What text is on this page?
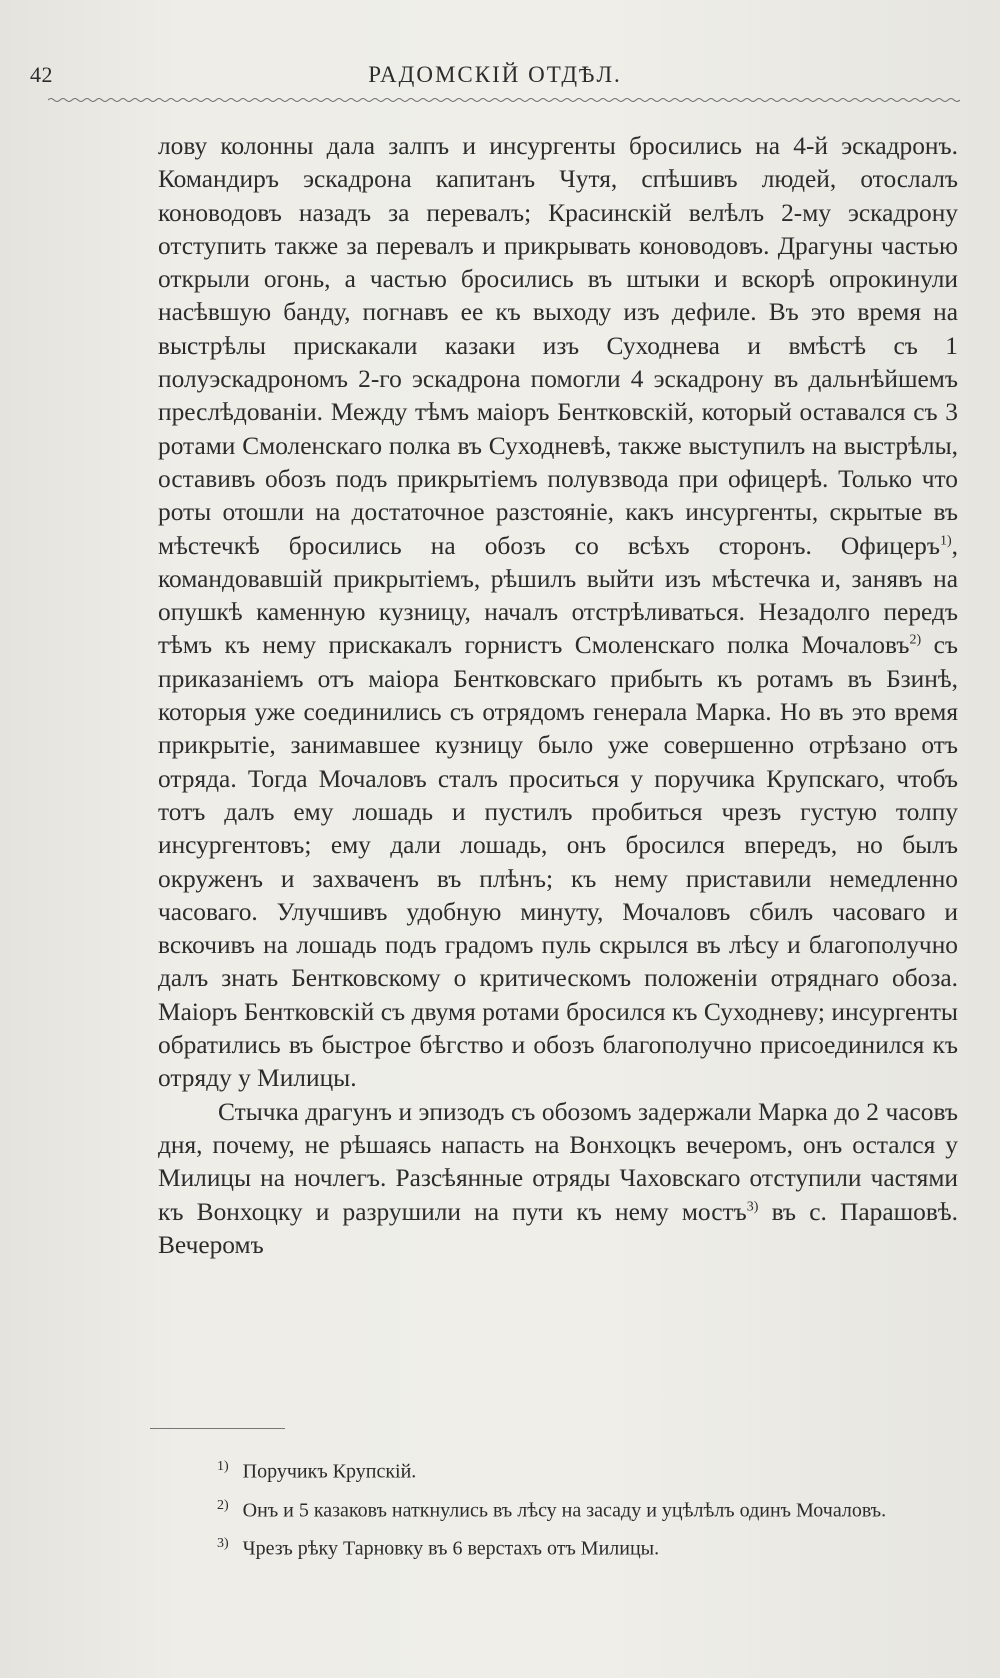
42	РАДОМСКІЙ ОТДѢЛ.

лову колонны дала залпъ и инсургенты бросились на 4-й эскадронъ. Командиръ эскадрона капитанъ Чутя, спѣшивъ людей, отослалъ коноводовъ назадъ за перевалъ; Красинскій велѣлъ 2-му эскадрону отступить также за перевалъ и прикрывать коноводовъ. Драгуны частью открыли огонь, а частью бросились въ штыки и вскорѣ опрокинули насѣвшую банду, погнавъ ее къ выходу изъ дефиле. Въ это время на выстрѣлы прискакали казаки изъ Суходнева и вмѣстѣ съ 1 полуэскадрономъ 2-го эскадрона помогли 4 эскадрону въ дальнѣйшемъ преслѣдованіи. Между тѣмъ маіоръ Бентковскій, который оставался съ 3 ротами Смоленскаго полка въ Суходневѣ, также выступилъ на выстрѣлы, оставивъ обозъ подъ прикрытіемъ полувзвода при офицерѣ. Только что роты отошли на достаточное разстояніе, какъ инсургенты, скрытые въ мѣстечкѣ бросились на обозъ со всѣхъ сторонъ. Офицеръ$^{1)}$, командовавшій прикрытіемъ, рѣшилъ выйти изъ мѣстечка и, занявъ на опушкѣ каменную кузницу, началъ отстрѣливаться. Незадолго передъ тѣмъ къ нему прискакалъ горнистъ Смоленскаго полка Мочаловъ$^{2)}$ съ приказаніемъ отъ маіора Бентковскаго прибыть къ ротамъ въ Бзинѣ, которыя уже соединились съ отрядомъ генерала Марка. Но въ это время прикрытіе, занимавшее кузницу было уже совершенно отрѣзано отъ отряда. Тогда Мочаловъ сталъ проситься у поручика Крупскаго, чтобъ тотъ далъ ему лошадь и пустилъ пробиться чрезъ густую толпу инсургентовъ; ему дали лошадь, онъ бросился впередъ, но былъ окруженъ и захваченъ въ плѣнъ; къ нему приставили немедленно часоваго. Улучшивъ удобную минуту, Мочаловъ сбилъ часоваго и вскочивъ на лошадь подъ градомъ пуль скрылся въ лѣсу и благополучно далъ знать Бентковскому о критическомъ положеніи отряднаго обоза. Маіоръ Бентковскій съ двумя ротами бросился къ Суходневу; инсургенты обратились въ быстрое бѣгство и обозъ благополучно присоединился къ отряду у Милицы.

Стычка драгунъ и эпизодъ съ обозомъ задержали Марка до 2 часовъ дня, почему, не рѣшаясь напасть на Вонхоцкъ вечеромъ, онъ остался у Милицы на ночлегъ. Разсѣянные отряды Чаховскаго отступили частями къ Вонхоцку и разрушили на пути къ нему мостъ$^{3)}$ въ с. Парашовѣ. Вечеромъ

$^{1)}$ Поручикъ Крупскій.

$^{2)}$ Онъ и 5 казаковъ наткнулись въ лѣсу на засаду и уцѣлѣлъ одинъ Мочаловъ.

$^{3)}$ Чрезъ рѣку Тарновку въ 6 верстахъ отъ Милицы.
